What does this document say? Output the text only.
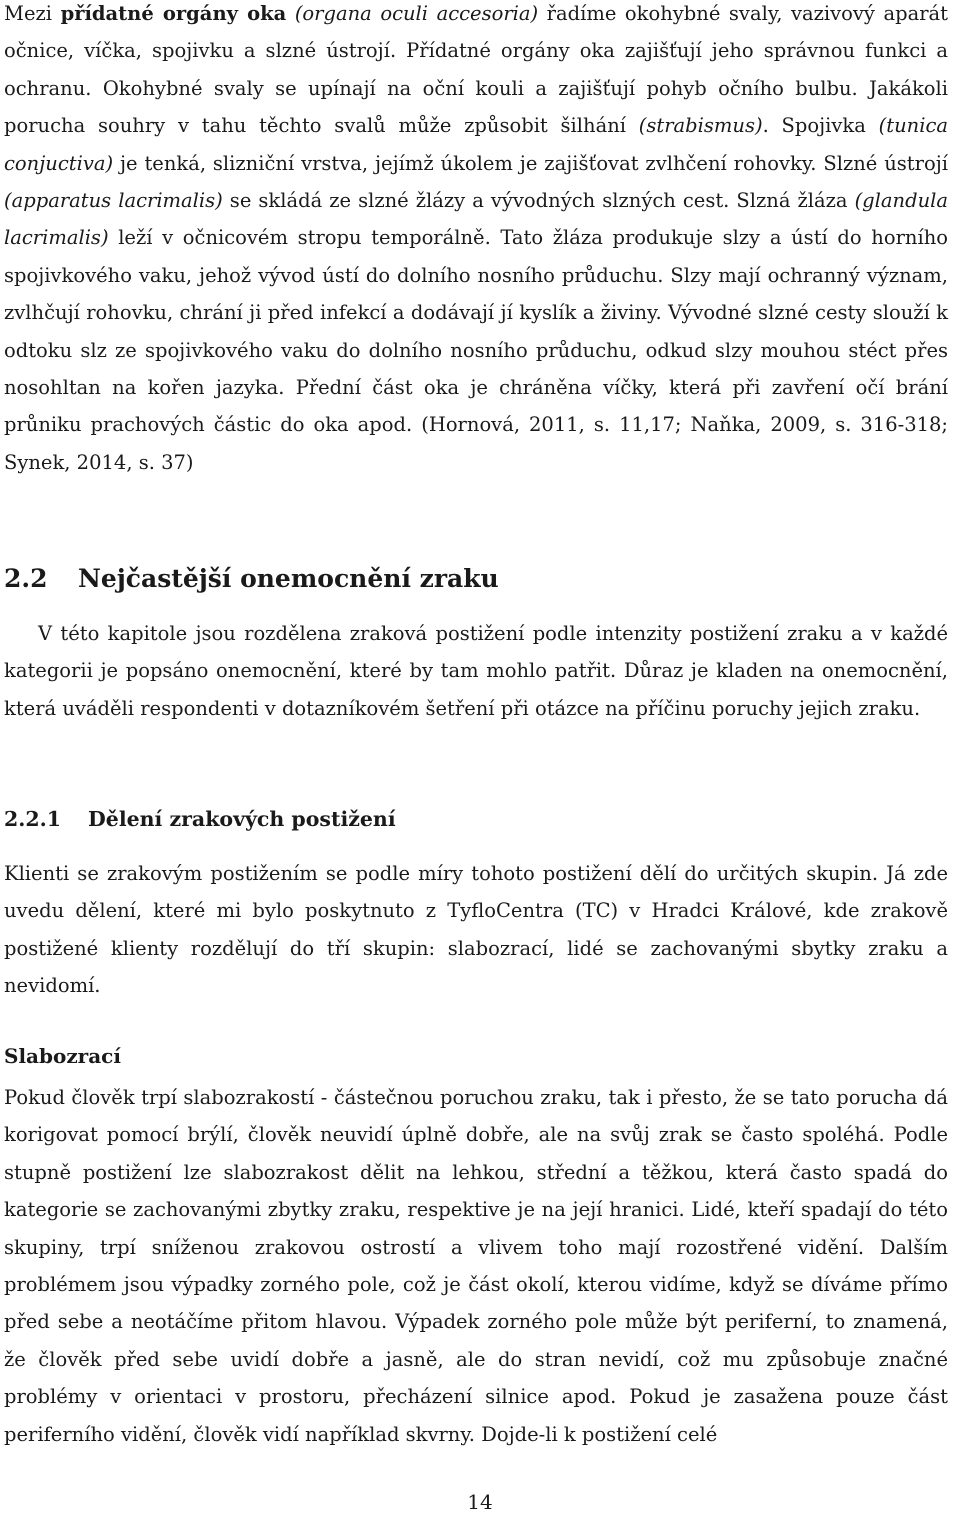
Mezi přídatné orgány oka (organa oculi accesoria) řadíme okohybné svaly, vazivový aparát očnice, víčka, spojivku a slzné ústrojí. Přídatné orgány oka zajišťují jeho správnou funkci a ochranu. Okohybné svaly se upínají na oční kouli a zajišťují pohyb očního bulbu. Jakákoli porucha souhry v tahu těchto svalů může způsobit šilhání (strabismus). Spojivka (tunica conjuctiva) je tenká, slizniční vrstva, jejímž úkolem je zajišťovat zvlhčení rohovky. Slzné ústrojí (apparatus lacrimalis) se skládá ze slzné žlázy a vývodných slzných cest. Slzná žláza (glandula lacrimalis) leží v očnicovém stropu temporálně. Tato žláza produkuje slzy a ústí do horního spojivkového vaku, jehož vývod ústí do dolního nosního průduchu. Slzy mají ochranný význam, zvlhčují rohovku, chrání ji před infekcí a dodávají jí kyslík a živiny. Vývodné slzné cesty slouží k odtoku slz ze spojivkového vaku do dolního nosního průduchu, odkud slzy mouhou stéct přes nosohltan na kořen jazyka. Přední část oka je chráněna víčky, která při zavření očí brání průniku prachových částic do oka apod. (Hornová, 2011, s. 11,17; Naňka, 2009, s. 316-318; Synek, 2014, s. 37)

2.2	Nejčastější onemocnění zraku

V této kapitole jsou rozdělena zraková postižení podle intenzity postižení zraku a v každé kategorii je popsáno onemocnění, které by tam mohlo patřit. Důraz je kladen na onemocnění, která uváděli respondenti v dotazníkovém šetření při otázce na příčinu poruchy jejich zraku.

2.2.1	Dělení zrakových postižení

Klienti se zrakovým postižením se podle míry tohoto postižení dělí do určitých skupin. Já zde uvedu dělení, které mi bylo poskytnuto z TyfloCentra (TC) v Hradci Králové, kde zrakově postižené klienty rozdělují do tří skupin: slabozrací, lidé se zachovanými sbytky zraku a nevidomí.

Slabozrací

Pokud člověk trpí slabozrakostí - částečnou poruchou zraku, tak i přesto, že se tato porucha dá korigovat pomocí brýlí, člověk neuvidí úplně dobře, ale na svůj zrak se často spoléhá. Podle stupně postižení lze slabozrakost dělit na lehkou, střední a těžkou, která často spadá do kategorie se zachovanými zbytky zraku, respektive je na její hranici. Lidé, kteří spadají do této skupiny, trpí sníženou zrakovou ostrostí a vlivem toho mají rozostřené vidění. Dalším problémem jsou výpadky zorného pole, což je část okolí, kterou vidíme, když se díváme přímo před sebe a neotáčíme přitom hlavou. Výpadek zorného pole může být periferní, to znamená, že člověk před sebe uvidí dobře a jasně, ale do stran nevidí, což mu způsobuje značné problémy v orientaci v prostoru, přecházení silnice apod. Pokud je zasažena pouze část periferního vidění, člověk vidí například skvrny. Dojde-li k postižení celé

14
